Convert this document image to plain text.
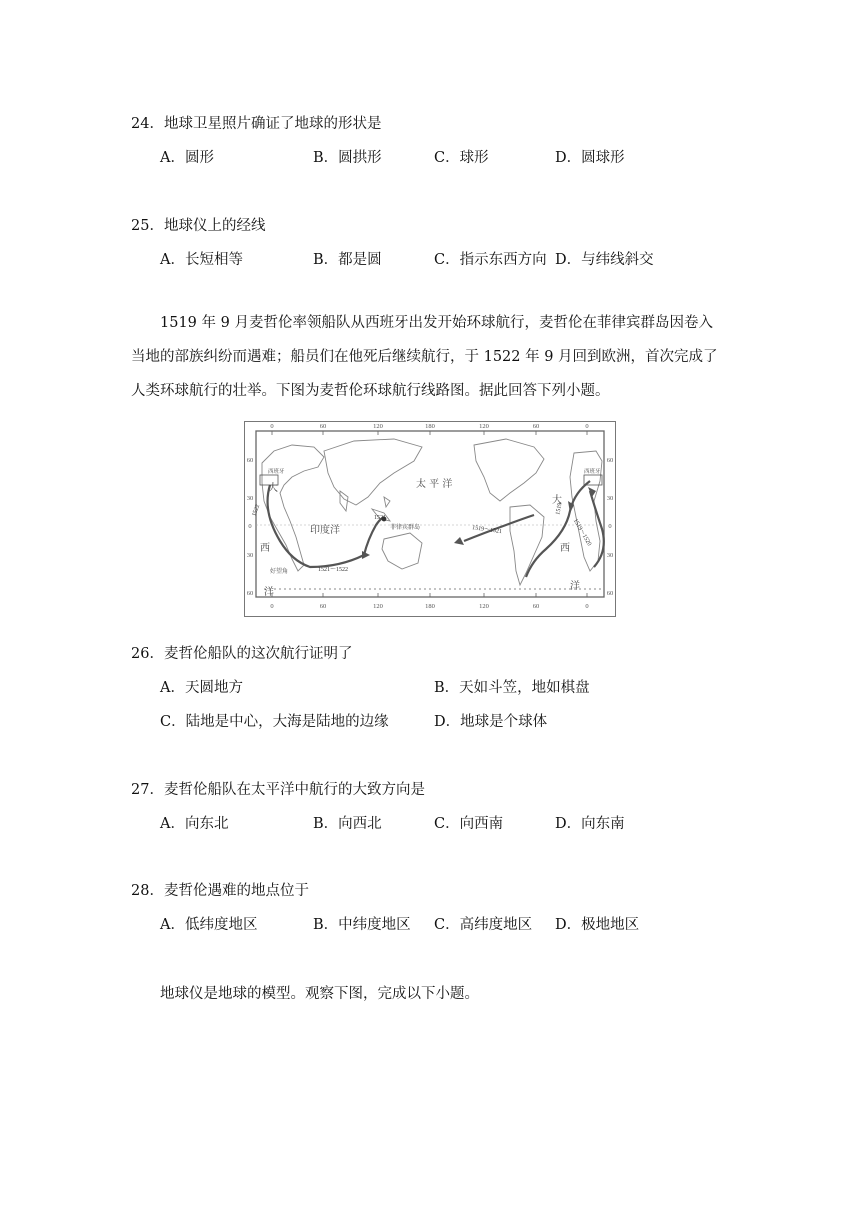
24．地球卫星照片确证了地球的形状是
A．圆形	B．圆拱形	C．球形	D．圆球形
25．地球仪上的经线
A．长短相等	B．都是圆	C．指示东西方向 D．与纬线斜交
1519 年 9 月麦哲伦率领船队从西班牙出发开始环球航行，麦哲伦在菲律宾群岛因卷入
当地的部族纠纷而遇难；船员们在他死后继续航行，于 1522 年 9 月回到欧洲，首次完成了
人类环球航行的壮举。下图为麦哲伦环球航行线路图。据此回答下列小题。
0	60	120	180	120	60	0
0	60	120	180	120	60	0
60
30
0
30
60
60
30
0
30
60
西班牙	西班牙
大
西
洋
大
西
洋
印度洋
太 平 洋
菲律宾群岛
好望角
1522
1521
1521～1522
1519～1521
1519
1519～1520
26．麦哲伦船队的这次航行证明了
A．天圆地方	B．天如斗笠，地如棋盘
C．陆地是中心，大海是陆地的边缘	D．地球是个球体
27．麦哲伦船队在太平洋中航行的大致方向是
A．向东北	B．向西北	C．向西南	D．向东南
28．麦哲伦遇难的地点位于
A．低纬度地区	B．中纬度地区 C．高纬度地区 D．极地地区
地球仪是地球的模型。观察下图，完成以下小题。
